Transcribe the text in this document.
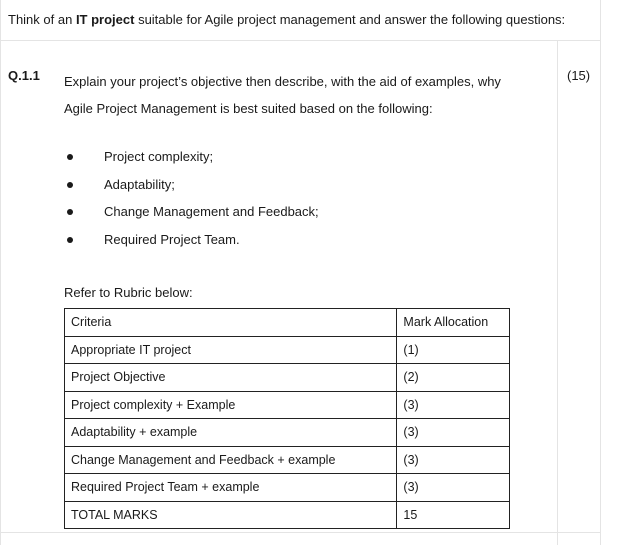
Think of an IT project suitable for Agile project management and answer the following questions:
Q.1.1 Explain your project’s objective then describe, with the aid of examples, why
Agile Project Management is best suited based on the following:
(15)
Project complexity;
Adaptability;
Change Management and Feedback;
Required Project Team.
Refer to Rubric below:
Criteria	Mark Allocation
Appropriate IT project	(1)
Project Objective	(2)
Project complexity + Example	(3)
Adaptability + example	(3)
Change Management and Feedback + example	(3)
Required Project Team + example	(3)
TOTAL MARKS	15
